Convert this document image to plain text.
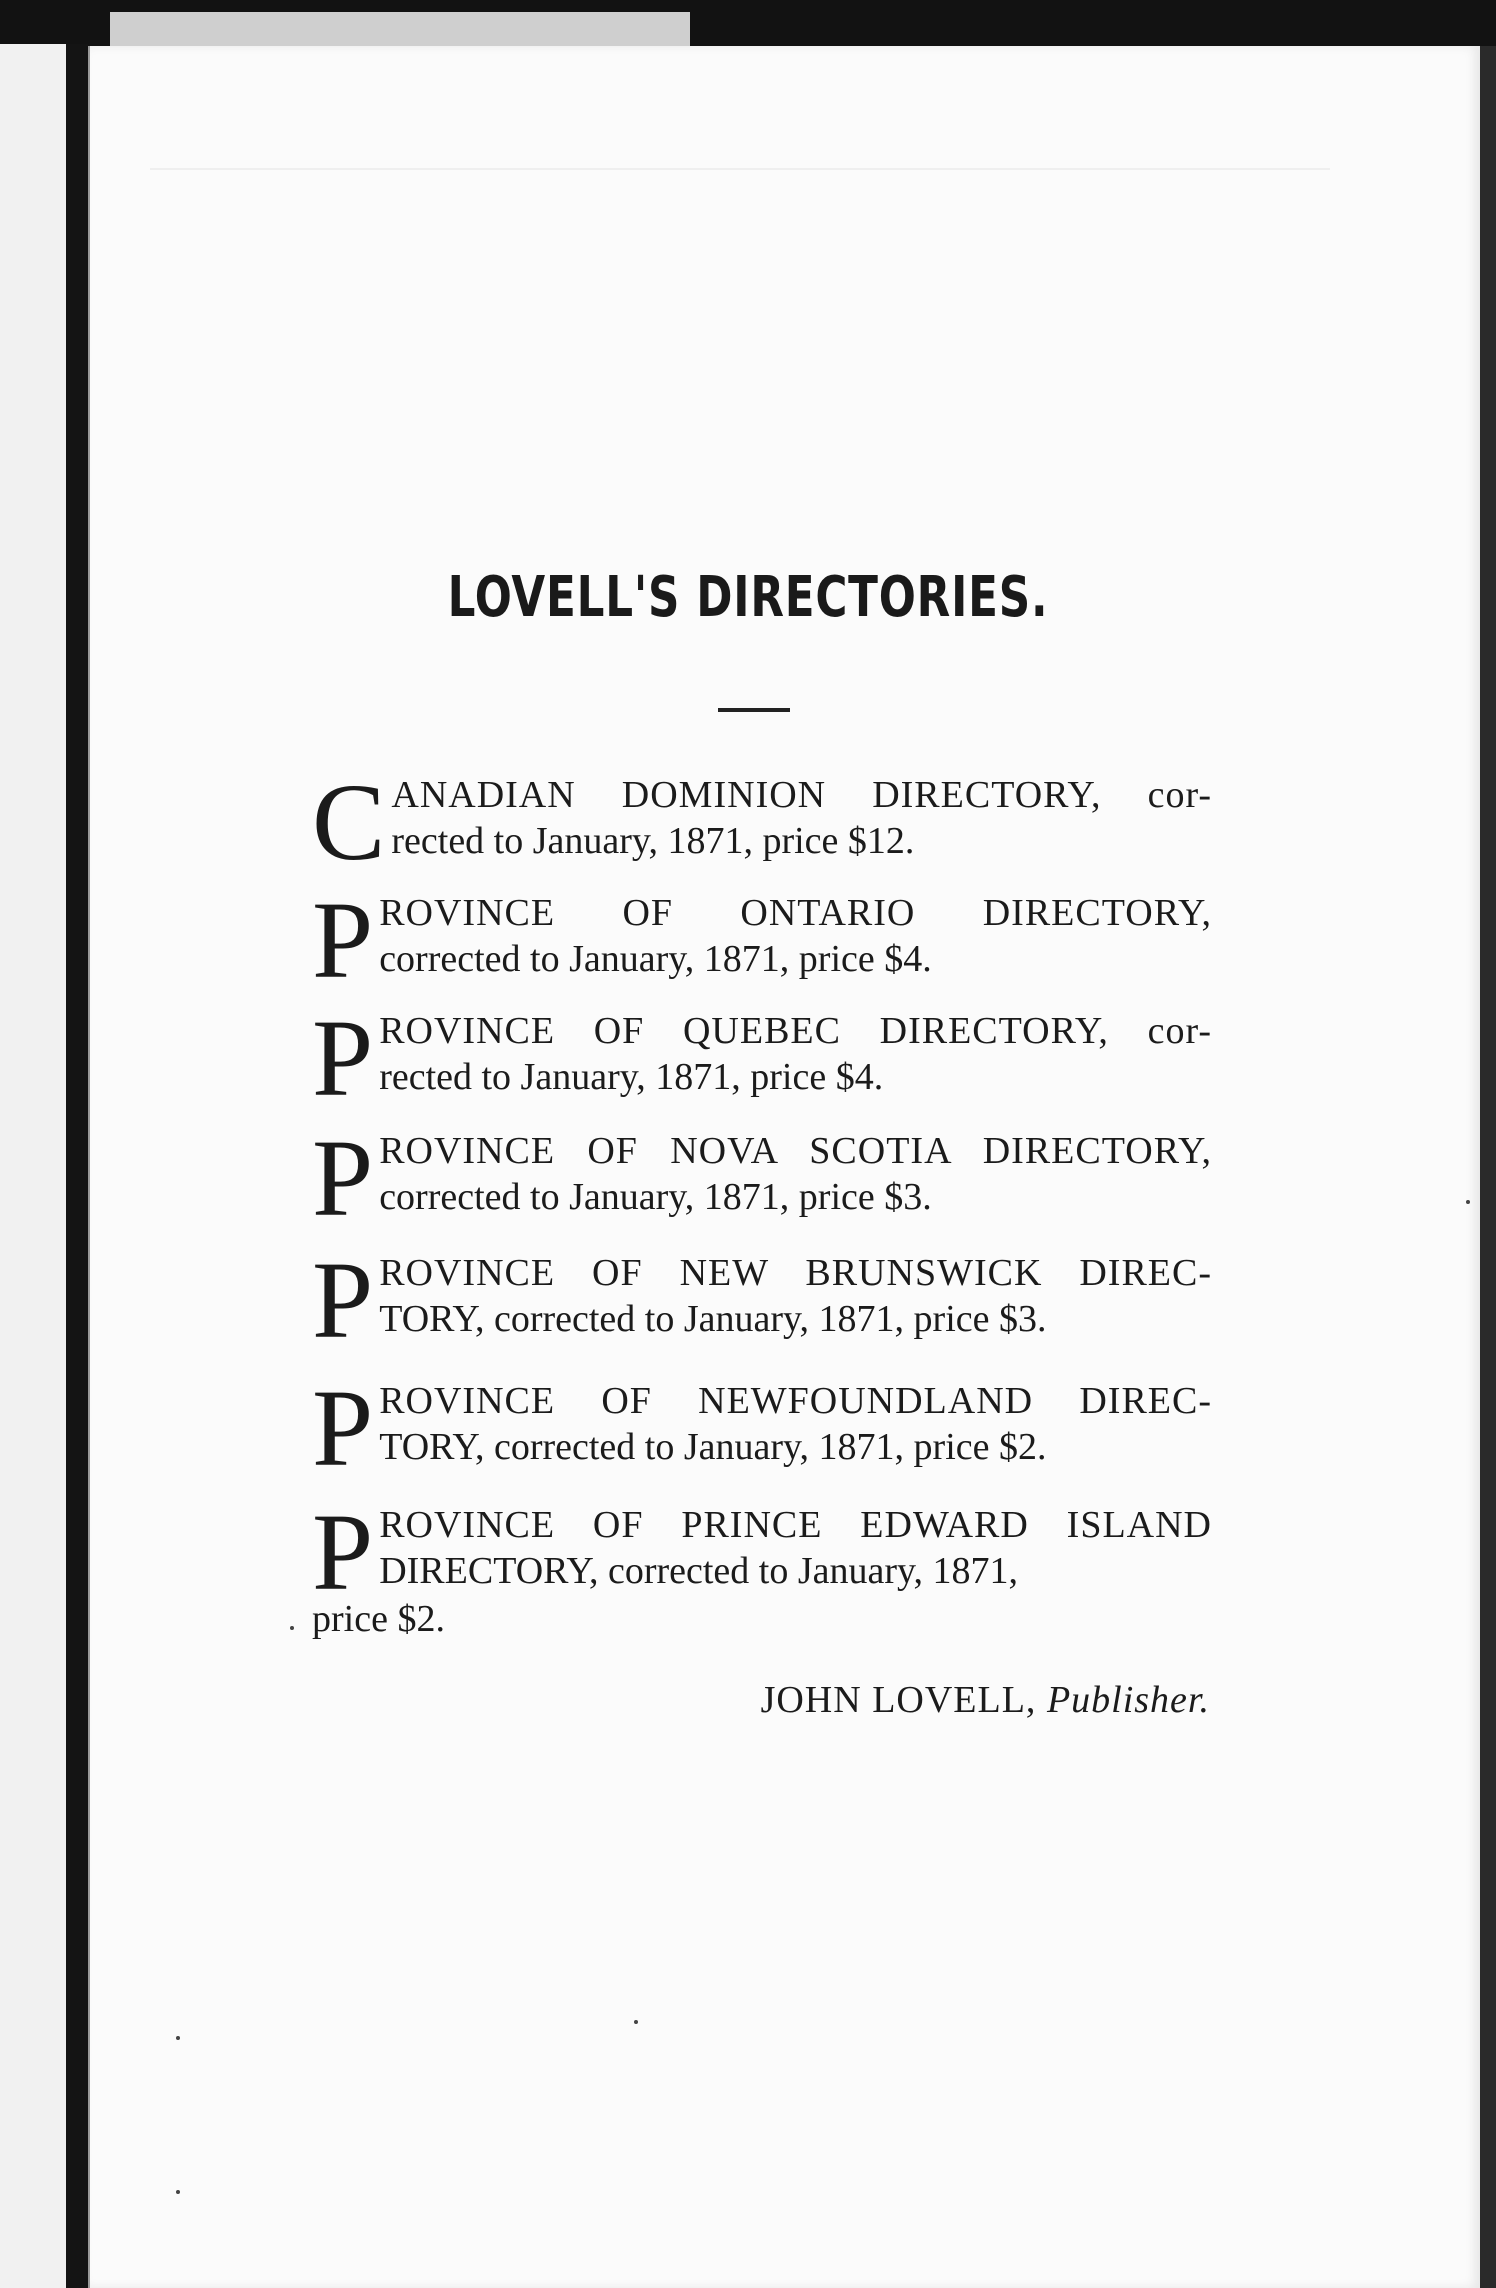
LOVELL'S DIRECTORIES.
C ANADIAN DOMINION DIRECTORY, cor-
rected to January, 1871, price $12.
P ROVINCE OF ONTARIO DIRECTORY,
corrected to January, 1871, price $4.
P ROVINCE OF QUEBEC DIRECTORY, cor-
rected to January, 1871, price $4.
P ROVINCE OF NOVA SCOTIA DIRECTORY,
corrected to January, 1871, price $3.
P ROVINCE OF NEW BRUNSWICK DIREC-
TORY, corrected to January, 1871, price $3.
P ROVINCE OF NEWFOUNDLAND DIREC-
TORY, corrected to January, 1871, price $2.
P ROVINCE OF PRINCE EDWARD ISLAND
DIRECTORY, corrected to January, 1871,
price $2.
JOHN LOVELL, Publisher.
